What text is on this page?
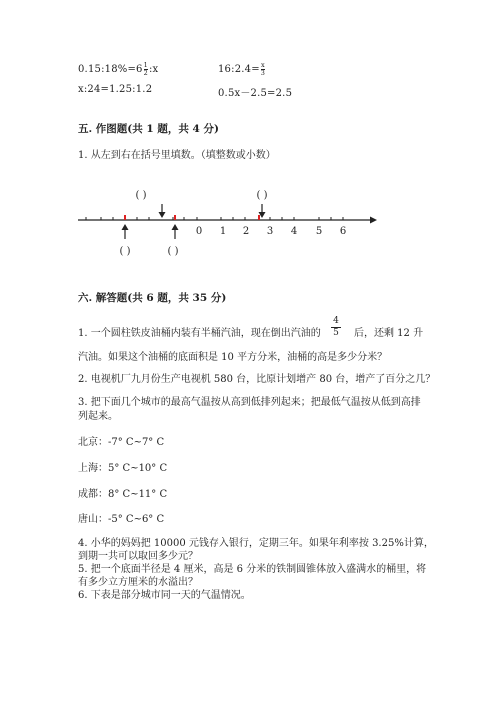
0.15:18%=6 $\frac{1}{2}$ :x	16:2.4= $\frac{x}{3}$
x:24=1.25:1.2	0.5x－2.5=2.5
五. 作图题(共 1 题，共 4 分)
1. 从左到右在括号里填数。（填整数或小数）
( )	( )
0 1 2 3 4 5 6
( )	( )
六. 解答题(共 6 题，共 35 分)
1. 一个圆柱铁皮油桶内装有半桶汽油，现在倒出汽油的
4
5 后，还剩 12 升
汽油。如果这个油桶的底面积是 10 平方分米，油桶的高是多少分米？
2. 电视机厂九月份生产电视机 580 台，比原计划增产 80 台，增产了百分之几？
3. 把下面几个城市的最高气温按从高到低排列起来；把最低气温按从低到高排
列起来。
北京：-7° C~7° C
上海：5° C~10° C
成都：8° C~11° C
唐山：-5° C~6° C
4. 小华的妈妈把 10000 元钱存入银行，定期三年。如果年利率按 3.25%计算，
到期一共可以取回多少元？
5. 把一个底面半径是 4 厘米，高是 6 分米的铁制圆锥体放入盛满水的桶里，将
有多少立方厘米的水溢出？
6. 下表是部分城市同一天的气温情况。
